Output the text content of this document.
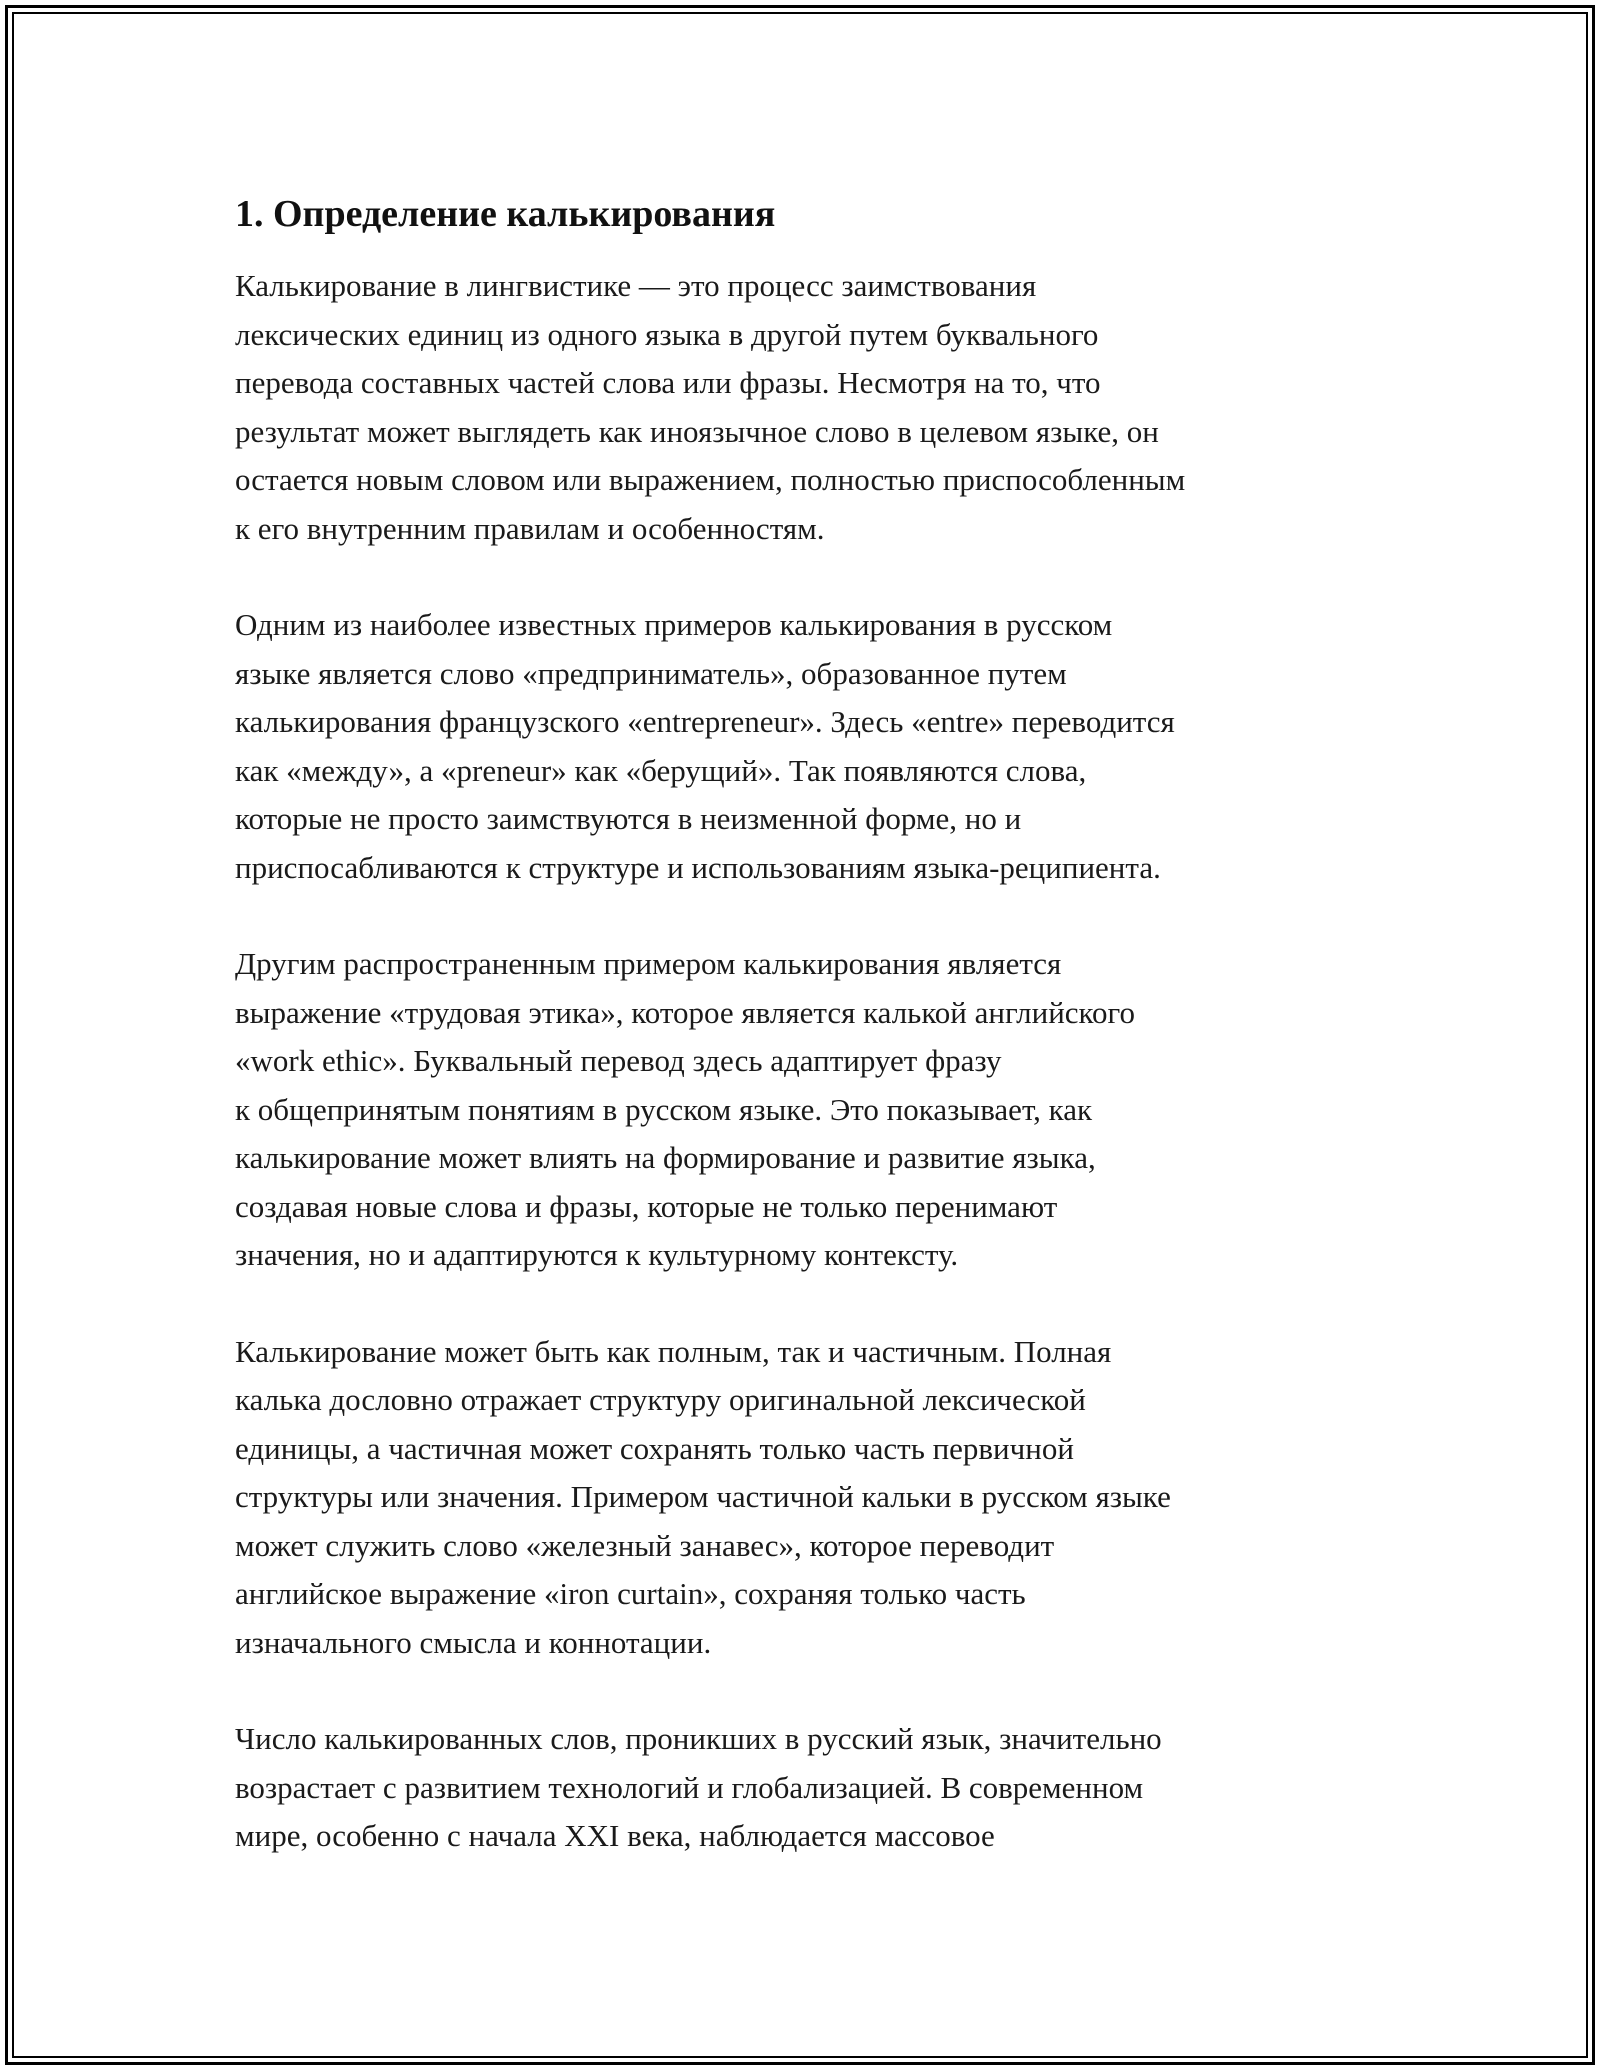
1. Определение калькирования

Калькирование в лингвистике — это процесс заимствования
лексических единиц из одного языка в другой путем буквального
перевода составных частей слова или фразы. Несмотря на то, что
результат может выглядеть как иноязычное слово в целевом языке, он
остается новым словом или выражением, полностью приспособленным
к его внутренним правилам и особенностям.

Одним из наиболее известных примеров калькирования в русском
языке является слово «предприниматель», образованное путем
калькирования французского «entrepreneur». Здесь «entre» переводится
как «между», а «preneur» как «берущий». Так появляются слова,
которые не просто заимствуются в неизменной форме, но и
приспосабливаются к структуре и использованиям языка-реципиента.

Другим распространенным примером калькирования является
выражение «трудовая этика», которое является калькой английского
«work ethic». Буквальный перевод здесь адаптирует фразу
к общепринятым понятиям в русском языке. Это показывает, как
калькирование может влиять на формирование и развитие языка,
создавая новые слова и фразы, которые не только перенимают
значения, но и адаптируются к культурному контексту.

Калькирование может быть как полным, так и частичным. Полная
калька дословно отражает структуру оригинальной лексической
единицы, а частичная может сохранять только часть первичной
структуры или значения. Примером частичной кальки в русском языке
может служить слово «железный занавес», которое переводит
английское выражение «iron curtain», сохраняя только часть
изначального смысла и коннотации.

Число калькированных слов, проникших в русский язык, значительно
возрастает с развитием технологий и глобализацией. В современном
мире, особенно с начала XXI века, наблюдается массовое
